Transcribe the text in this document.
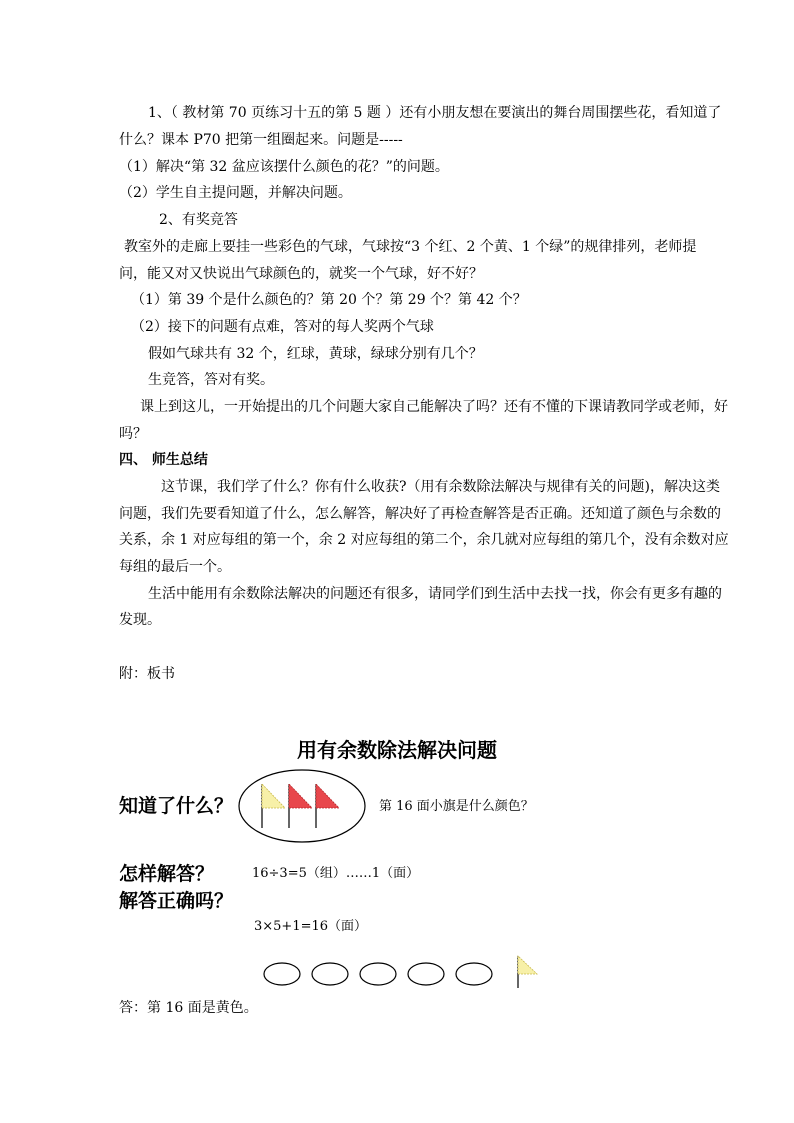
1、（ 教材第 70 页练习十五的第 5 题 ）还有小朋友想在要演出的舞台周围摆些花，看知道了
什么？课本 P70 把第一组圈起来。问题是-----
（1）解决“第 32 盆应该摆什么颜色的花？”的问题。
（2）学生自主提问题，并解决问题。
2、有奖竞答
教室外的走廊上要挂一些彩色的气球，气球按“3 个红、2 个黄、1 个绿”的规律排列，老师提
问，能又对又快说出气球颜色的，就奖一个气球，好不好？
（1）第 39 个是什么颜色的？第 20 个？第 29 个？第 42 个？
（2）接下的问题有点难，答对的每人奖两个气球
假如气球共有 32 个，红球，黄球，绿球分别有几个？
生竞答，答对有奖。
课上到这儿，一开始提出的几个问题大家自己能解决了吗？还有不懂的下课请教同学或老师，好
吗？
四、 师生总结
这节课，我们学了什么？你有什么收获?（用有余数除法解决与规律有关的问题)，解决这类
问题，我们先要看知道了什么，怎么解答，解决好了再检查解答是否正确。还知道了颜色与余数的
关系，余 1 对应每组的第一个，余 2 对应每组的第二个，余几就对应每组的第几个，没有余数对应
每组的最后一个。
生活中能用有余数除法解决的问题还有很多，请同学们到生活中去找一找，你会有更多有趣的
发现。
附：板书
用有余数除法解决问题
知道了什么？	第 16 面小旗是什么颜色？
怎样解答？	16÷3=5（组）……1（面）
解答正确吗？
3×5+1=16（面）
答：第 16 面是黄色。
